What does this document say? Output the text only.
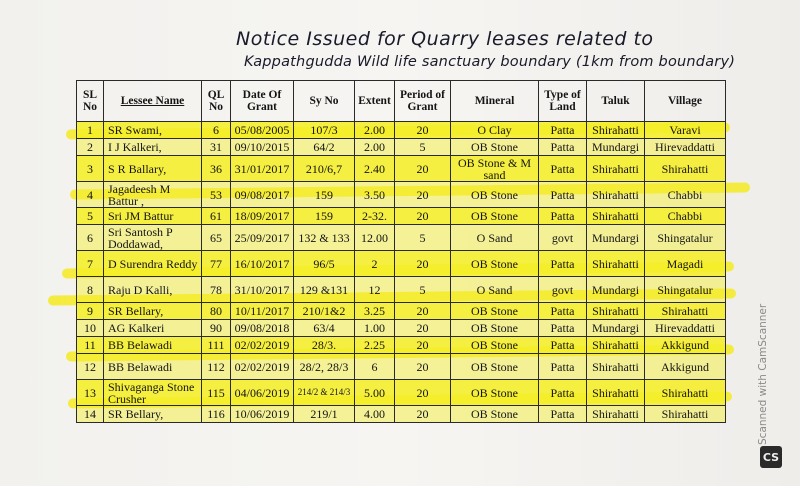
Notice Issued for Quarry leases related to
Kappathgudda Wild life sanctuary boundary (1km from boundary)
SL No	Lessee Name	QL No	Date Of Grant	Sy No	Extent	Period of Grant	Mineral	Type of Land	Taluk	Village
1	SR Swami,	6	05/08/2005	107/3	2.00	20	O Clay	Patta	Shirahatti	Varavi
2	I J Kalkeri,	31	09/10/2015	64/2	2.00	5	OB Stone	Patta	Mundargi	Hirevaddatti
3	S R Ballary,	36	31/01/2017	210/6,7	2.40	20	OB Stone & M sand	Patta	Shirahatti	Shirahatti
4	Jagadeesh M Battur ,	53	09/08/2017	159	3.50	20	OB Stone	Patta	Shirahatti	Chabbi
5	Sri JM Battur	61	18/09/2017	159	2-32.	20	OB Stone	Patta	Shirahatti	Chabbi
6	Sri Santosh P Doddawad,	65	25/09/2017	132 & 133	12.00	5	O Sand	govt	Mundargi	Shingatalur
7	D Surendra Reddy	77	16/10/2017	96/5	2	20	OB Stone	Patta	Shirahatti	Magadi
8	Raju D Kalli,	78	31/10/2017	129 &131	12	5	O Sand	govt	Mundargi	Shingatalur
9	SR Bellary,	80	10/11/2017	210/1&2	3.25	20	OB Stone	Patta	Shirahatti	Shirahatti
10	AG Kalkeri	90	09/08/2018	63/4	1.00	20	OB Stone	Patta	Mundargi	Hirevaddatti
11	BB Belawadi	111	02/02/2019	28/3.	2.25	20	OB Stone	Patta	Shirahatti	Akkigund
12	BB Belawadi	112	02/02/2019	28/2, 28/3	6	20	OB Stone	Patta	Shirahatti	Akkigund
13	Shivaganga Stone Crusher	115	04/06/2019	214/2 & 214/3	5.00	20	OB Stone	Patta	Shirahatti	Shirahatti
14	SR Bellary,	116	10/06/2019	219/1	4.00	20	OB Stone	Patta	Shirahatti	Shirahatti	Scanned with CamScanner
CS
